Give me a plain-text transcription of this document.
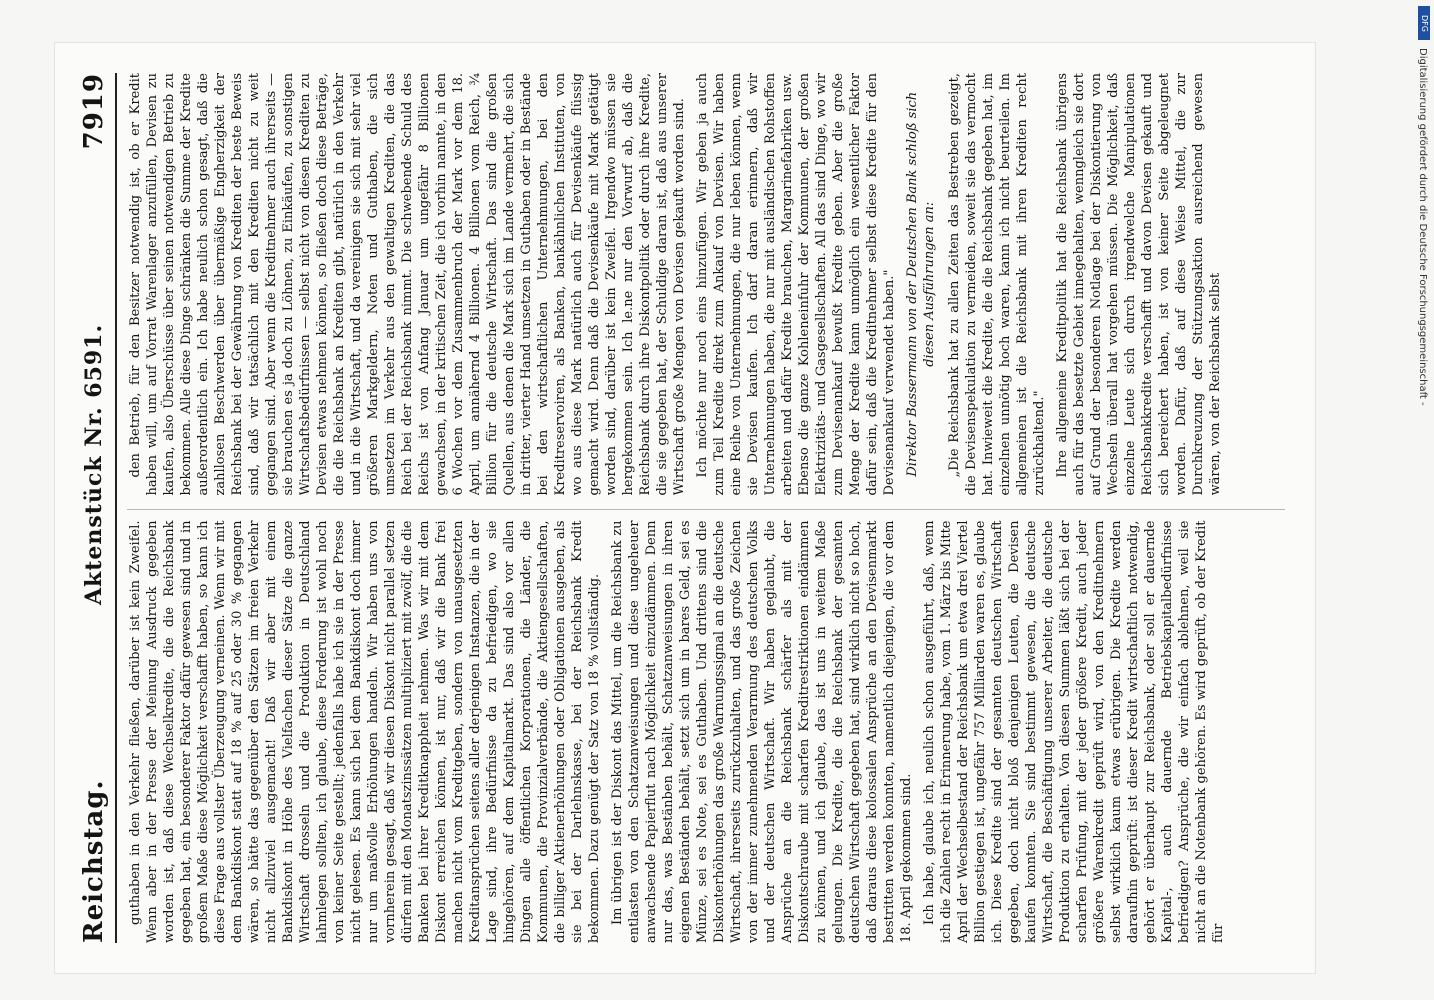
Reichstag.
Aktenstück Nr. 6591.
7919

guthaben in den Verkehr fließen, darüber ist kein Zweifel. Wenn aber in der Presse der Meinung Ausdruck gegeben worden ist, daß diese Wechselkredite, die die Reichsbank gegeben hat, ein besonderer Faktor dafür gewesen sind und in großem Maße diese Möglichkeit verschafft haben, so kann ich diese Frage aus vollster Überzeugung verneinen. Wenn wir mit dem Bankdiskont statt auf 18 % auf 25 oder 30 % gegangen wären, so hätte das gegenüber den Sätzen im freien Verkehr nicht allzuviel ausgemacht! Daß wir aber mit einem Bankdiskont in Höhe des Vielfachen dieser Sätze die ganze Wirtschaft drosseln und die Produktion in Deutschland lahmlegen sollten, ich glaube, diese Forderung ist wohl noch von keiner Seite gestellt; jedenfalls habe ich sie in der Presse nicht gelesen. Es kann sich bei dem Bankdiskont doch immer nur um maßvolle Erhöhungen handeln. Wir haben uns von vornherein gesagt, daß wir diesen Diskont nicht parallel setzen dürfen mit den Monatszinssätzen multipliziert mit zwölf, die die Banken bei ihrer Kreditknappheit nehmen. Was wir mit dem Diskont erreichen können, ist nur, daß wir die Bank frei machen nicht vom Kreditgeben, sondern von unausgesetzten Kreditansprüchen seitens aller derjenigen Instanzen, die in der Lage sind, ihre Bedürfnisse da zu befriedigen, wo sie hingehören, auf dem Kapitalmarkt. Das sind also vor allen Dingen alle öffentlichen Korporationen, die Länder, die Kommunen, die Provinzialverbände, die Aktiengesellschaften, die billiger Aktienerhöhungen oder Obligationen ausgeben, als sie bei der Darlehnskasse, bei der Reichsbank Kredit bekommen. Dazu genügt der Satz von 18 % vollständig. Im übrigen ist der Diskont das Mittel, um die Reichsbank zu entlasten von den Schatzanweisungen und diese ungeheuer anwachsende Papierflut nach Möglichkeit einzudämmen. Denn nur das, was Bestänben behält, Schatzanweisungen in ihren eigenen Beständen behält, setzt sich um in bares Geld, sei es Münze, sei es Note, sei es Guthaben. Und drittens sind die Diskonterhöhungen das große Warnungssignal an die deutsche Wirtschaft, ihrerseits zurückzuhalten, und das große Zeichen von der immer zunehmenden Verarmung des deutschen Volks und der deutschen Wirtschaft. Wir haben geglaubt, die Ansprüche an die Reichsbank schärfer als mit der Diskontschraube mit scharfen Kreditrestriktionen eindämmen zu können, und ich glaube, das ist uns in weitem Maße gelungen. Die Kredite, die die Reichsbank der gesamten deutschen Wirtschaft gegeben hat, sind wirklich nicht so hoch, daß daraus diese kolossalen Ansprüche an den Devisenmarkt bestritten werden konnten, namentlich diejenigen, die vor dem 18. April gekommen sind. Ich habe, glaube ich, neulich schon ausgeführt, daß, wenn ich die Zahlen recht in Erinnerung habe, vom 1. März bis Mitte April der Wechselbestand der Reichsbank um etwa drei Viertel Billion gestiegen ist, ungefähr 757 Milliarden waren es, glaube ich. Diese Kredite sind der gesamten deutschen Wirtschaft gegeben, doch nicht bloß denjenigen Leuten, die Devisen kaufen konnten. Sie sind bestimmt gewesen, die deutsche Wirtschaft, die Beschäftigung unserer Arbeiter, die deutsche Produktion zu erhalten. Von diesen Summen läßt sich bei der scharfen Prüfung, mit der jeder größere Kredit, auch jeder größere Warenkredit geprüft wird, von den Kreditnehmern selbst wirklich kaum etwas erübrigen. Die Kredite werden daraufhin geprüft: ist dieser Kredit wirtschaftlich notwendig, gehört er überhaupt zur Reichsbank, oder soll er dauernde Kapital-, auch dauernde Betriebskapitalbedürfnisse befriedigen? Ansprüche, die wir einfach ablehnen, weil sie nicht an die Notenbank gehören. Es wird geprüft, ob der Kredit für

den Betrieb, für den Besitzer notwendig ist, ob er Kredit haben will, um auf Vorrat Warenlager anzufüllen, Devisen zu kaufen, also Überschüsse über seinen notwendigen Betrieb zu bekommen. Alle diese Dinge schränken die Summe der Kredite außerordentlich ein. Ich habe neulich schon gesagt, daß die zahllosen Beschwerden über übermäßige Engherzigkeit der Reichsbank bei der Gewährung von Krediten der beste Beweis sind, daß wir tatsächlich mit den Krediten nicht zu weit gegangen sind. Aber wenn die Kreditnehmer auch ihrerseits — sie brauchen es ja doch zu Löhnen, zu Einkäufen, zu sonstigen Wirtschaftsbedürfnissen — selbst nicht von diesen Krediten zu Devisen etwas nehmen können, so fließen doch diese Beträge, die die Reichsbank an Krediten gibt, natürlich in den Verkehr und in die Wirtschaft, und da vereinigen sie sich mit sehr viel größeren Markgeldern, Noten und Guthaben, die sich umsetzen im Verkehr aus den gewaltigen Krediten, die das Reich bei der Reichsbank nimmt. Die schwebende Schuld des Reichs ist von Anfang Januar um ungefähr 8 Billionen gewachsen, in der kritischen Zeit, die ich vorhin nannte, in den 6 Wochen vor dem Zusammenbruch der Mark vor dem 18. April, um annähernd 4 Billionen. 4 Billionen vom Reich, ¾ Billion für die deutsche Wirtschaft. Das sind die großen Quellen, aus denen die Mark sich im Lande vermehrt, die sich in dritter, vierter Hand umsetzen in Guthaben oder in Bestände bei den wirtschaftlichen Unternehmungen, bei den Kreditreservoiren, als Banken, bankähnlichen Instituten, von wo aus diese Mark natürlich auch für Devisenkäufe flüssig gemacht wird. Denn daß die Devisenkäufe mit Mark getätigt worden sind, darüber ist kein Zweifel. Irgendwo müssen sie hergekommen sein. Ich le.ne nur den Vorwurf ab, daß die Reichsbank durch ihre Diskontpolitik oder durch ihre Kredite, die sie gegeben hat, der Schuldige daran ist, daß aus unserer Wirtschaft große Mengen von Devisen gekauft worden sind. Ich möchte nur noch eins hinzufügen. Wir geben ja auch zum Teil Kredite direkt zum Ankauf von Devisen. Wir haben eine Reihe von Unternehmungen, die nur leben können, wenn sie Devisen kaufen. Ich darf daran erinnern, daß wir Unternehmungen haben, die nur mit ausländischen Rohstoffen arbeiten und dafür Kredite brauchen, Margarinefabriken usw. Ebenso die ganze Kohleneinfuhr der Kommunen, der großen Elektrizitäts- und Gasgesellschaften. All das sind Dinge, wo wir zum Devisenankauf bewußt Kredite geben. Aber die große Menge der Kredite kann unmöglich ein wesentlicher Faktor dafür sein, daß die Kreditnehmer selbst diese Kredite für den Devisenankauf verwendet haben." Direktor Bassermann von der Deutschen Bank schloß sich diesen Ausführungen an: „Die Reichsbank hat zu allen Zeiten das Bestreben gezeigt, die Devisenspekulation zu vermeiden, soweit sie das vermocht hat. Inwieweit die Kredite, die die Reichsbank gegeben hat, im einzelnen unnötig hoch waren, kann ich nicht beurteilen. Im allgemeinen ist die Reichsbank mit ihren Krediten recht zurückhaltend." Ihre allgemeine Kreditpolitik hat die Reichsbank übrigens auch für das besetzte Gebiet innegehalten, wenngleich sie dort auf Grund der besonderen Notlage bei der Diskontierung von Wechseln überall hat vorgehen müssen. Die Möglichkeit, daß einzelne Leute sich durch irgendwelche Manipulationen Reichsbankkredite verschafft und davon Devisen gekauft und sich bereichert haben, ist von keiner Seite abgeleugnet worden. Dafür, daß auf diese Weise Mittel, die zur Durchkreuzung der Stützungsaktion ausreichend gewesen wären, von der Reichsbank selbst

DFG
Digitalisierung gefördert durch die Deutsche Forschungsgemeinschaft -
